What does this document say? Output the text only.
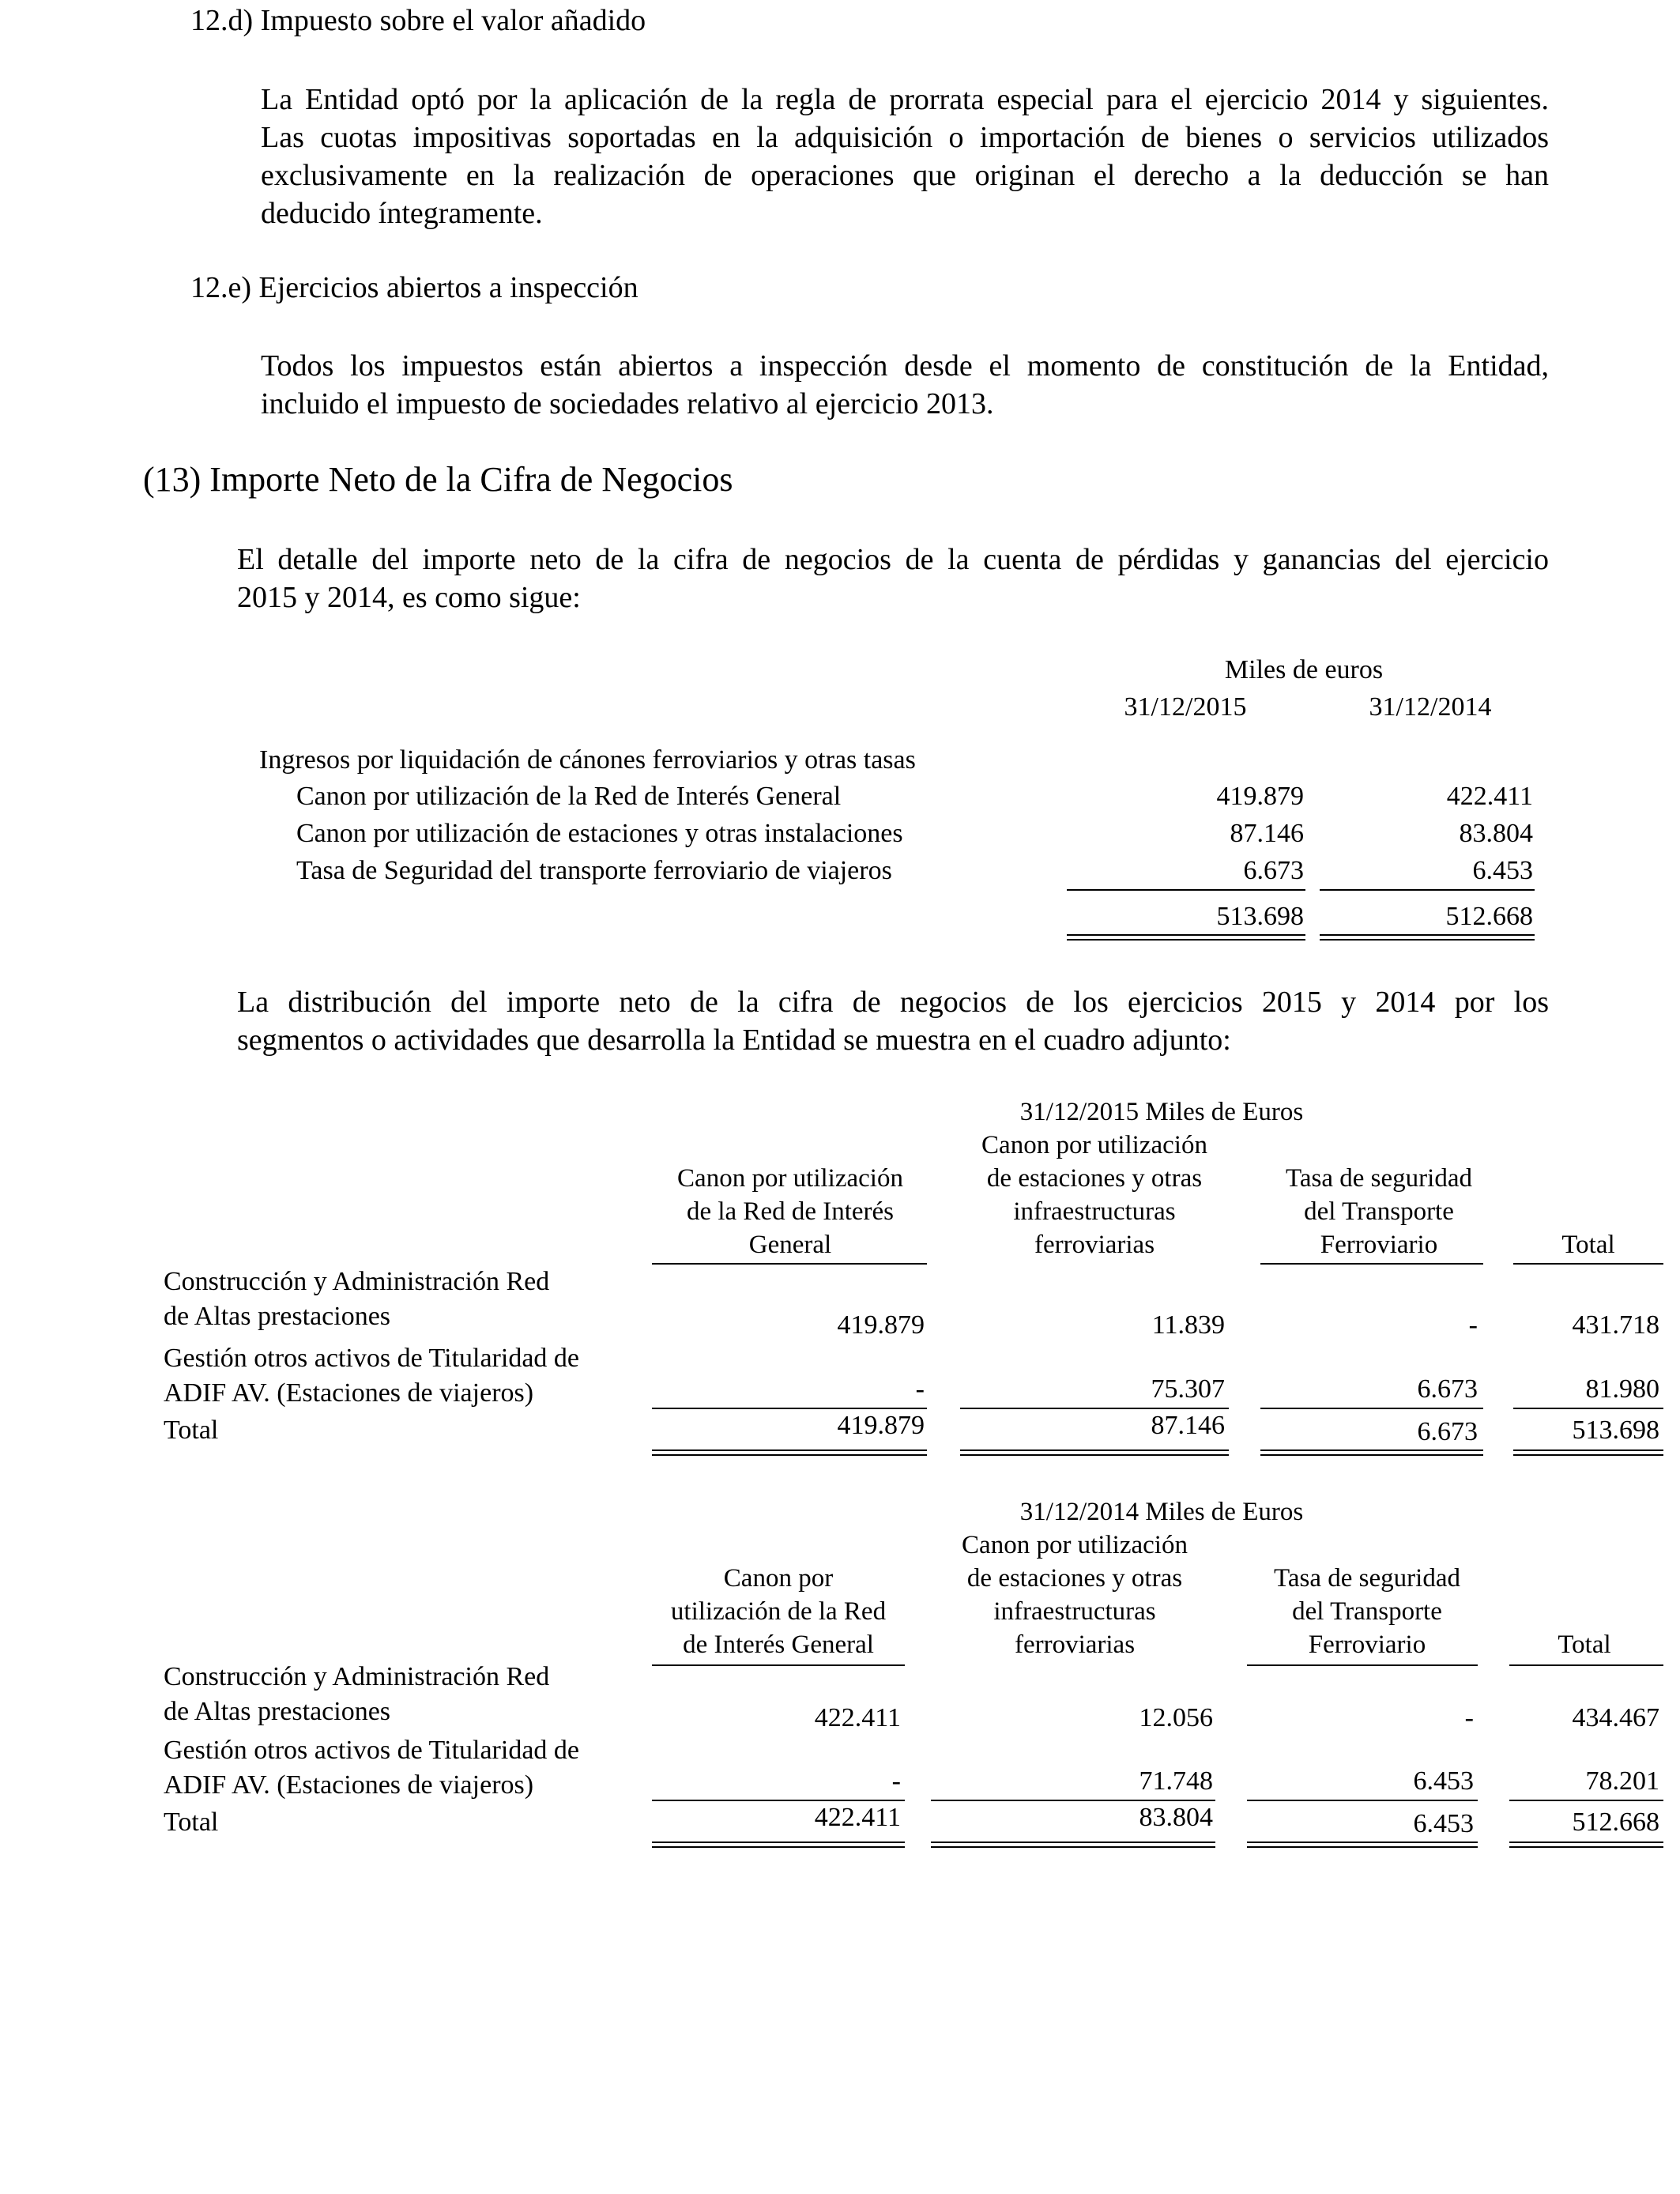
12.d) Impuesto sobre el valor añadido
La Entidad optó por la aplicación de la regla de prorrata especial para el ejercicio 2014 y siguientes.
Las cuotas impositivas soportadas en la adquisición o importación de bienes o servicios utilizados
exclusivamente en la realización de operaciones que originan el derecho a la deducción se han
deducido íntegramente.
12.e) Ejercicios abiertos a inspección
Todos los impuestos están abiertos a inspección desde el momento de constitución de la Entidad,
incluido el impuesto de sociedades relativo al ejercicio 2013.
(13) Importe Neto de la Cifra de Negocios
El detalle del importe neto de la cifra de negocios de la cuenta de pérdidas y ganancias del ejercicio
2015 y 2014, es como sigue:
Miles de euros
31/12/2015	31/12/2014
Ingresos por liquidación de cánones ferroviarios y otras tasas
Canon por utilización de la Red de Interés General	419.879	422.411
Canon por utilización de estaciones y otras instalaciones	87.146	83.804
Tasa de Seguridad del transporte ferroviario de viajeros	6.673	6.453
513.698	512.668
La distribución del importe neto de la cifra de negocios de los ejercicios 2015 y 2014 por los
segmentos o actividades que desarrolla la Entidad se muestra en el cuadro adjunto:
31/12/2015 Miles de Euros
Canon por utilización
de la Red de Interés
General
Canon por utilización
de estaciones y otras
infraestructuras
ferroviarias
Tasa de seguridad
del Transporte
Ferroviario	Total
Construcción y Administración Red
de Altas prestaciones	419.879	11.839	-	431.718
Gestión otros activos de Titularidad de
ADIF AV. (Estaciones de viajeros)	-	75.307	6.673	81.980
Total	419.879	87.146	6.673	513.698
31/12/2014 Miles de Euros
Canon por
utilización de la Red
de Interés General
Canon por utilización
de estaciones y otras
infraestructuras
ferroviarias
Tasa de seguridad
del Transporte
Ferroviario	Total
Construcción y Administración Red
de Altas prestaciones	422.411	12.056	-	434.467
Gestión otros activos de Titularidad de
ADIF AV. (Estaciones de viajeros)	-	71.748	6.453	78.201
Total	422.411	83.804	6.453	512.668
